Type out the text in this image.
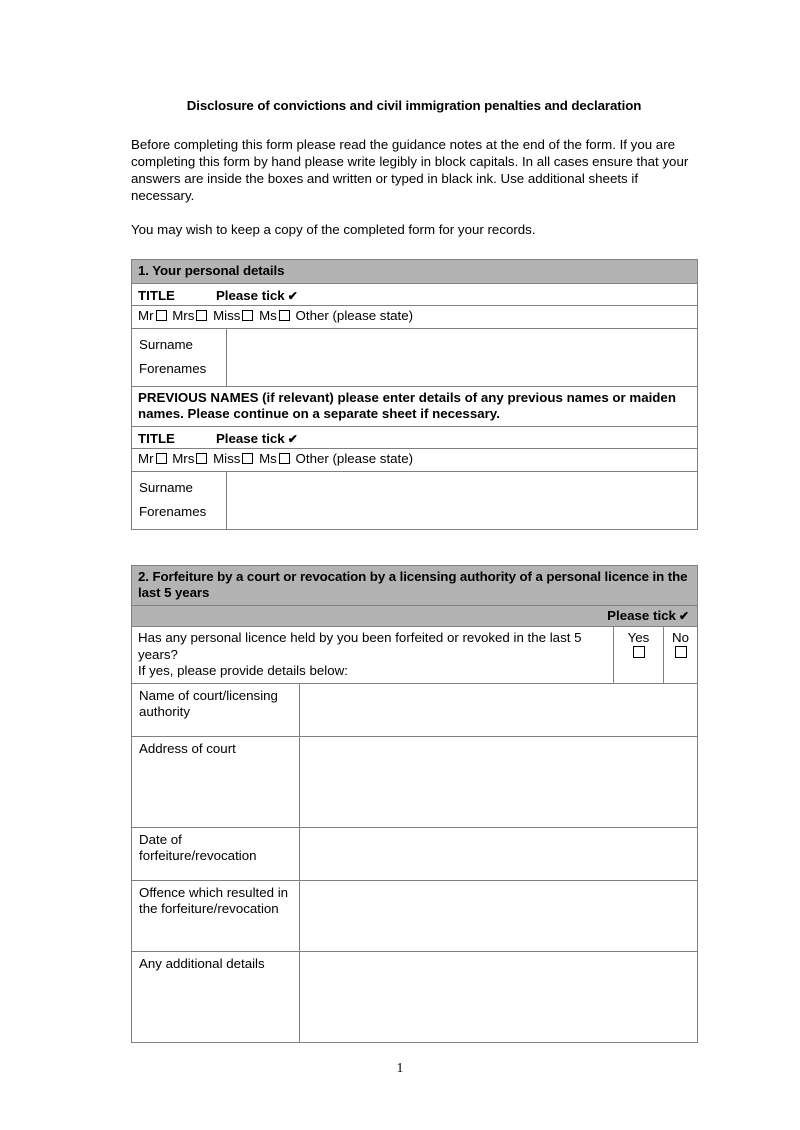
Disclosure of convictions and civil immigration penalties and declaration
Before completing this form please read the guidance notes at the end of the form. If you are completing this form by hand please write legibly in block capitals. In all cases ensure that your answers are inside the boxes and written or typed in black ink. Use additional sheets if necessary.
You may wish to keep a copy of the completed form for your records.
1. Your personal details	
TITLE Please tick ✔	
Mr Mrs Miss Ms Other (please state)	

Surname
Forenames	

PREVIOUS NAMES (if relevant) please enter details of any previous names or maiden names. Please continue on a separate sheet if necessary.	
TITLE Please tick ✔	
Mr Mrs Miss Ms Other (please state)	

Surname
Forenames	

2. Forfeiture by a court or revocation by a licensing authority of a personal licence in the last 5 years			
Please tick ✔			

Has any personal licence held by you been forfeited or revoked in the last 5 years?
If yes, please provide details below:		Yes	No

Name of court/licensing authority			
Address of court			
Date of forfeiture/revocation			
Offence which resulted in the forfeiture/revocation			
Any additional details			
1
